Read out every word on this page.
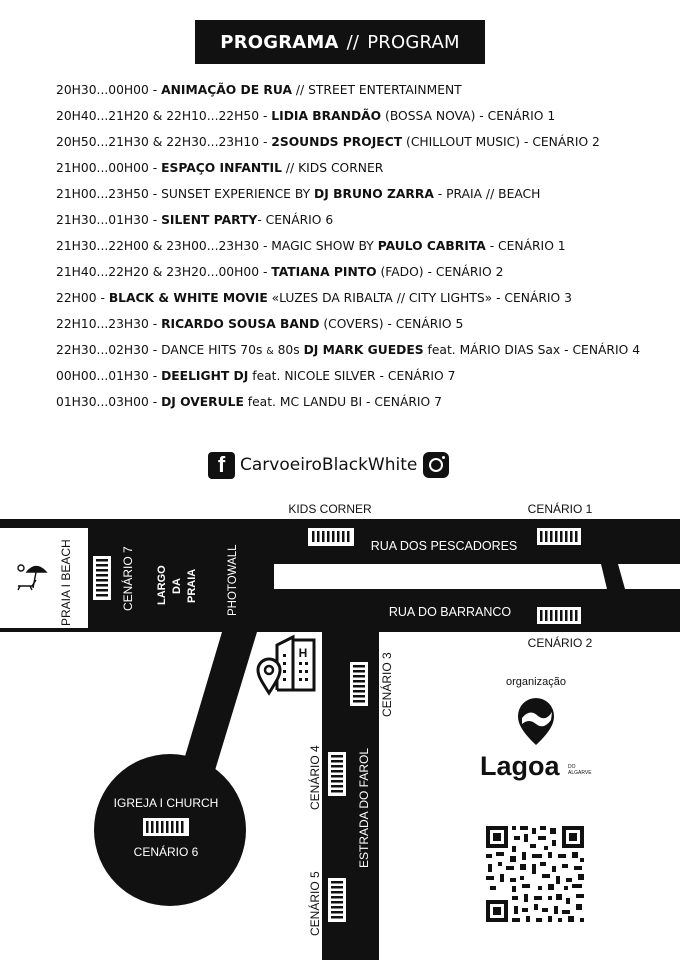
PROGRAMA // PROGRAM
20H30...00H00 - ANIMAÇÃO DE RUA // STREET ENTERTAINMENT
20H40...21H20 & 22H10...22H50 - LIDIA BRANDÃO (BOSSA NOVA) - CENÁRIO 1
20H50...21H30 & 22H30...23H10 - 2SOUNDS PROJECT (CHILLOUT MUSIC) - CENÁRIO 2
21H00...00H00 - ESPAÇO INFANTIL // KIDS CORNER
21H00...23H50 - SUNSET EXPERIENCE BY DJ BRUNO ZARRA - PRAIA // BEACH
21H30...01H30 - SILENT PARTY- CENÁRIO 6
21H30...22H00 & 23H00...23H30 - MAGIC SHOW BY PAULO CABRITA - CENÁRIO 1
21H40...22H20 & 23H20...00H00 - TATIANA PINTO (FADO) - CENÁRIO 2
22H00 - BLACK & WHITE MOVIE «LUZES DA RIBALTA // CITY LIGHTS» - CENÁRIO 3
22H10...23H30 - RICARDO SOUSA BAND (COVERS) - CENÁRIO 5
22H30...02H30 - DANCE HITS 70s & 80s DJ MARK GUEDES feat. MÁRIO DIAS Sax - CENÁRIO 4
00H00...01H30 - DEELIGHT DJ feat. NICOLE SILVER - CENÁRIO 7
01H30...03H00 - DJ OVERULE feat. MC LANDU BI - CENÁRIO 7
f CarvoeiroBlackWhite
H
KIDS CORNER	CENÁRIO 1
CENÁRIO 2
PRAIA I BEACH
CENÁRIO 3
CENÁRIO 4
CENÁRIO 5
RUA DOS PESCADORES
RUA DO BARRANCO
CENÁRIO 7 LARGO DA PRAIA	PHOTOWALL
ESTRADA DO FAROL
IGREJA I CHURCH
CENÁRIO 6
organização
Lagoa DO
ALGARVE
